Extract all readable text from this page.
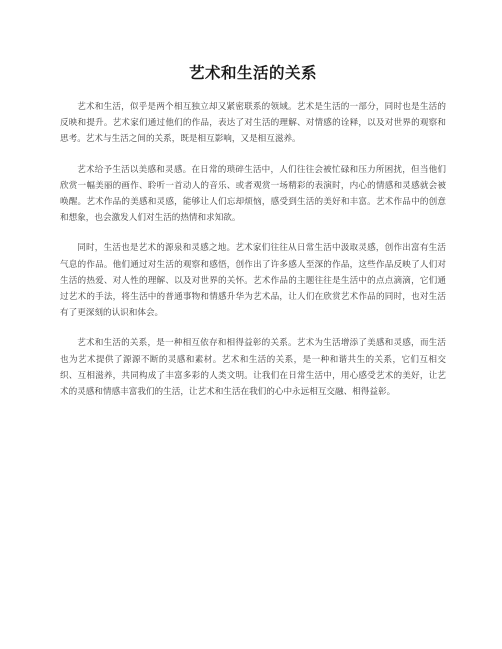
艺术和生活的关系

艺术和生活，似乎是两个相互独立却又紧密联系的领域。艺术是生活的一部分，同时也是生活的反映和提升。艺术家们通过他们的作品，表达了对生活的理解、对情感的诠释，以及对世界的观察和思考。艺术与生活之间的关系，既是相互影响，又是相互滋养。

艺术给予生活以美感和灵感。在日常的琐碎生活中，人们往往会被忙碌和压力所困扰，但当他们欣赏一幅美丽的画作、聆听一首动人的音乐、或者观赏一场精彩的表演时，内心的情感和灵感就会被唤醒。艺术作品的美感和灵感，能够让人们忘却烦恼，感受到生活的美好和丰富。艺术作品中的创意和想象，也会激发人们对生活的热情和求知欲。

同时，生活也是艺术的源泉和灵感之地。艺术家们往往从日常生活中汲取灵感，创作出富有生活气息的作品。他们通过对生活的观察和感悟，创作出了许多感人至深的作品，这些作品反映了人们对生活的热爱、对人性的理解、以及对世界的关怀。艺术作品的主题往往是生活中的点点滴滴，它们通过艺术的手法，将生活中的普通事物和情感升华为艺术品，让人们在欣赏艺术作品的同时，也对生活有了更深刻的认识和体会。

艺术和生活的关系，是一种相互依存和相得益彰的关系。艺术为生活增添了美感和灵感，而生活也为艺术提供了源源不断的灵感和素材。艺术和生活的关系，是一种和谐共生的关系，它们互相交织、互相滋养，共同构成了丰富多彩的人类文明。让我们在日常生活中，用心感受艺术的美好，让艺术的灵感和情感丰富我们的生活，让艺术和生活在我们的心中永远相互交融、相得益彰。
